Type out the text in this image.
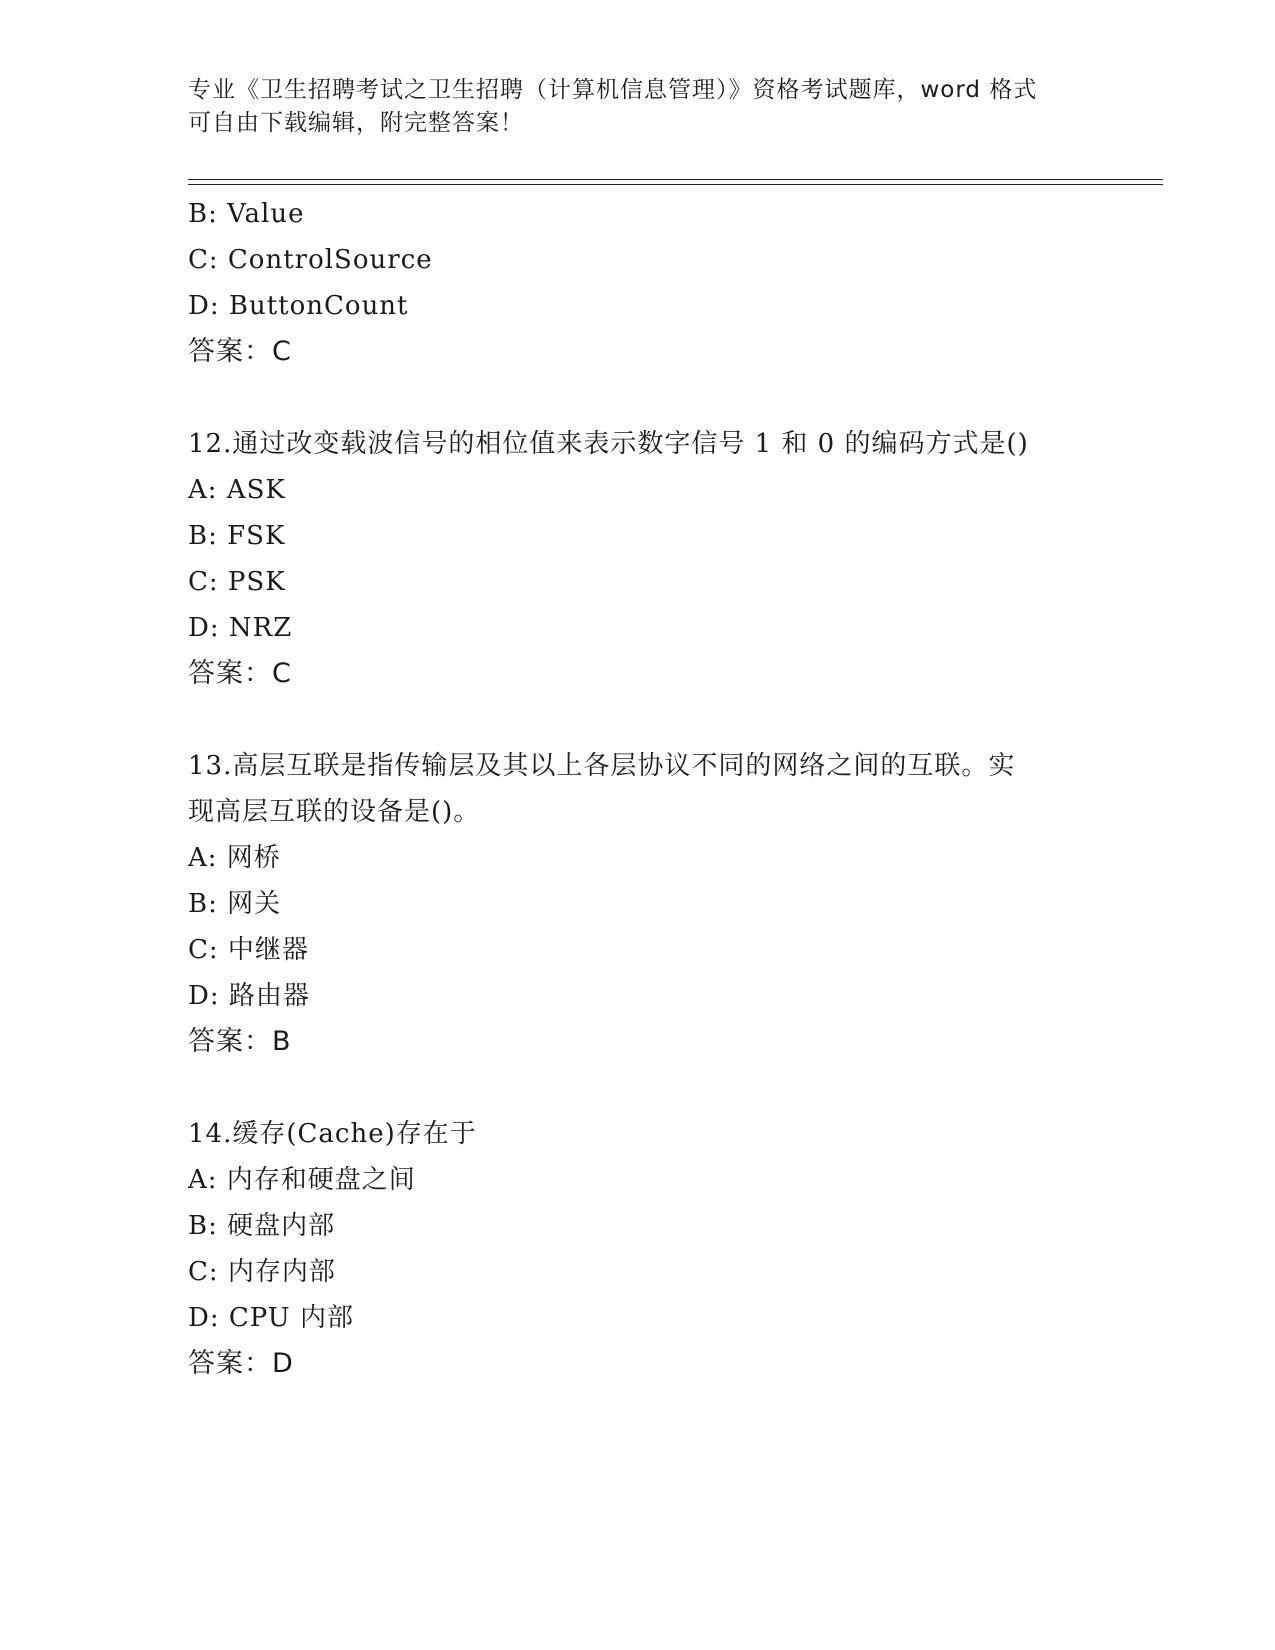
专业《卫生招聘考试之卫生招聘（计算机信息管理）》资格考试题库，word 格式
可自由下载编辑，附完整答案！
B: Value
C: ControlSource
D: ButtonCount
答案：C
12.通过改变载波信号的相位值来表示数字信号 1 和 0 的编码方式是()
A: ASK
B: FSK
C: PSK
D: NRZ
答案：C
13.高层互联是指传输层及其以上各层协议不同的网络之间的互联。实
现高层互联的设备是()。
A: 网桥
B: 网关
C: 中继器
D: 路由器
答案：B
14.缓存(Cache)存在于
A: 内存和硬盘之间
B: 硬盘内部
C: 内存内部
D: CPU 内部
答案：D
